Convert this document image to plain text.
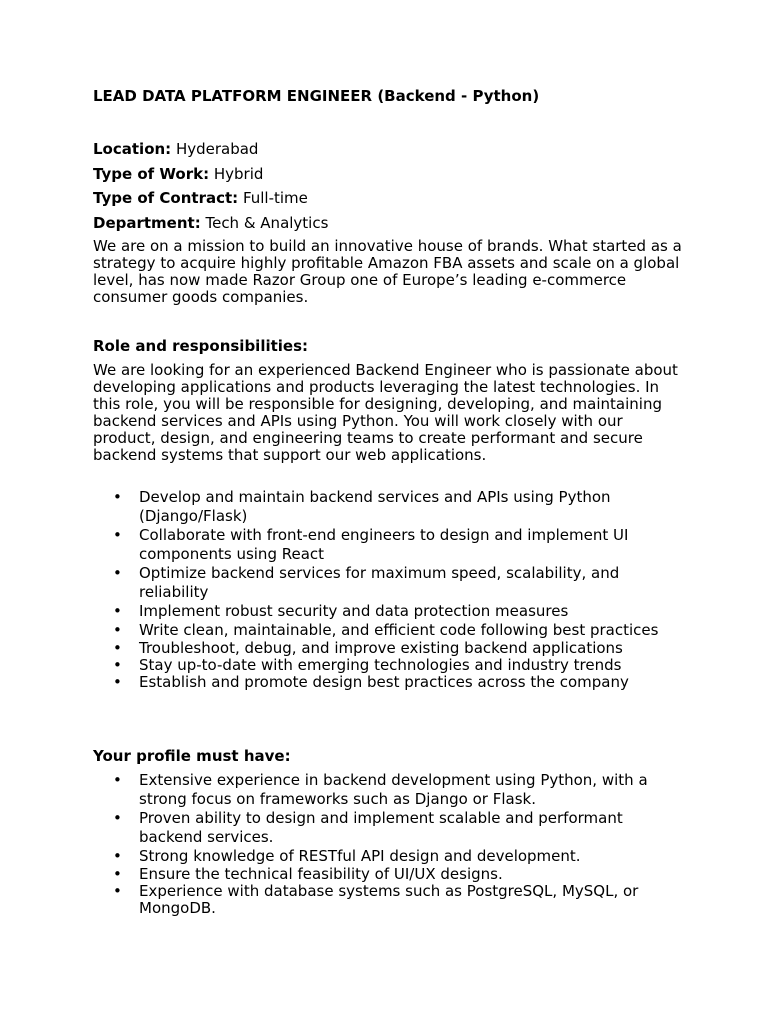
LEAD DATA PLATFORM ENGINEER (Backend - Python)
Location: Hyderabad
Type of Work: Hybrid
Type of Contract: Full-time
Department: Tech & Analytics
We are on a mission to build an innovative house of brands. What started as a strategy to acquire highly profitable Amazon FBA assets and scale on a global level, has now made Razor Group one of Europe’s leading e-commerce consumer goods companies.
Role and responsibilities:
We are looking for an experienced Backend Engineer who is passionate about developing applications and products leveraging the latest technologies. In this role, you will be responsible for designing, developing, and maintaining backend services and APIs using Python. You will work closely with our product, design, and engineering teams to create performant and secure backend systems that support our web applications.
• Develop and maintain backend services and APIs using Python (Django/Flask)
• Collaborate with front-end engineers to design and implement UI components using React
• Optimize backend services for maximum speed, scalability, and reliability
• Implement robust security and data protection measures
• Write clean, maintainable, and efficient code following best practices
• Troubleshoot, debug, and improve existing backend applications
• Stay up-to-date with emerging technologies and industry trends
• Establish and promote design best practices across the company
Your profile must have:
• Extensive experience in backend development using Python, with a strong focus on frameworks such as Django or Flask.
• Proven ability to design and implement scalable and performant backend services.
• Strong knowledge of RESTful API design and development.
• Ensure the technical feasibility of UI/UX designs.
• Experience with database systems such as PostgreSQL, MySQL, or MongoDB.
